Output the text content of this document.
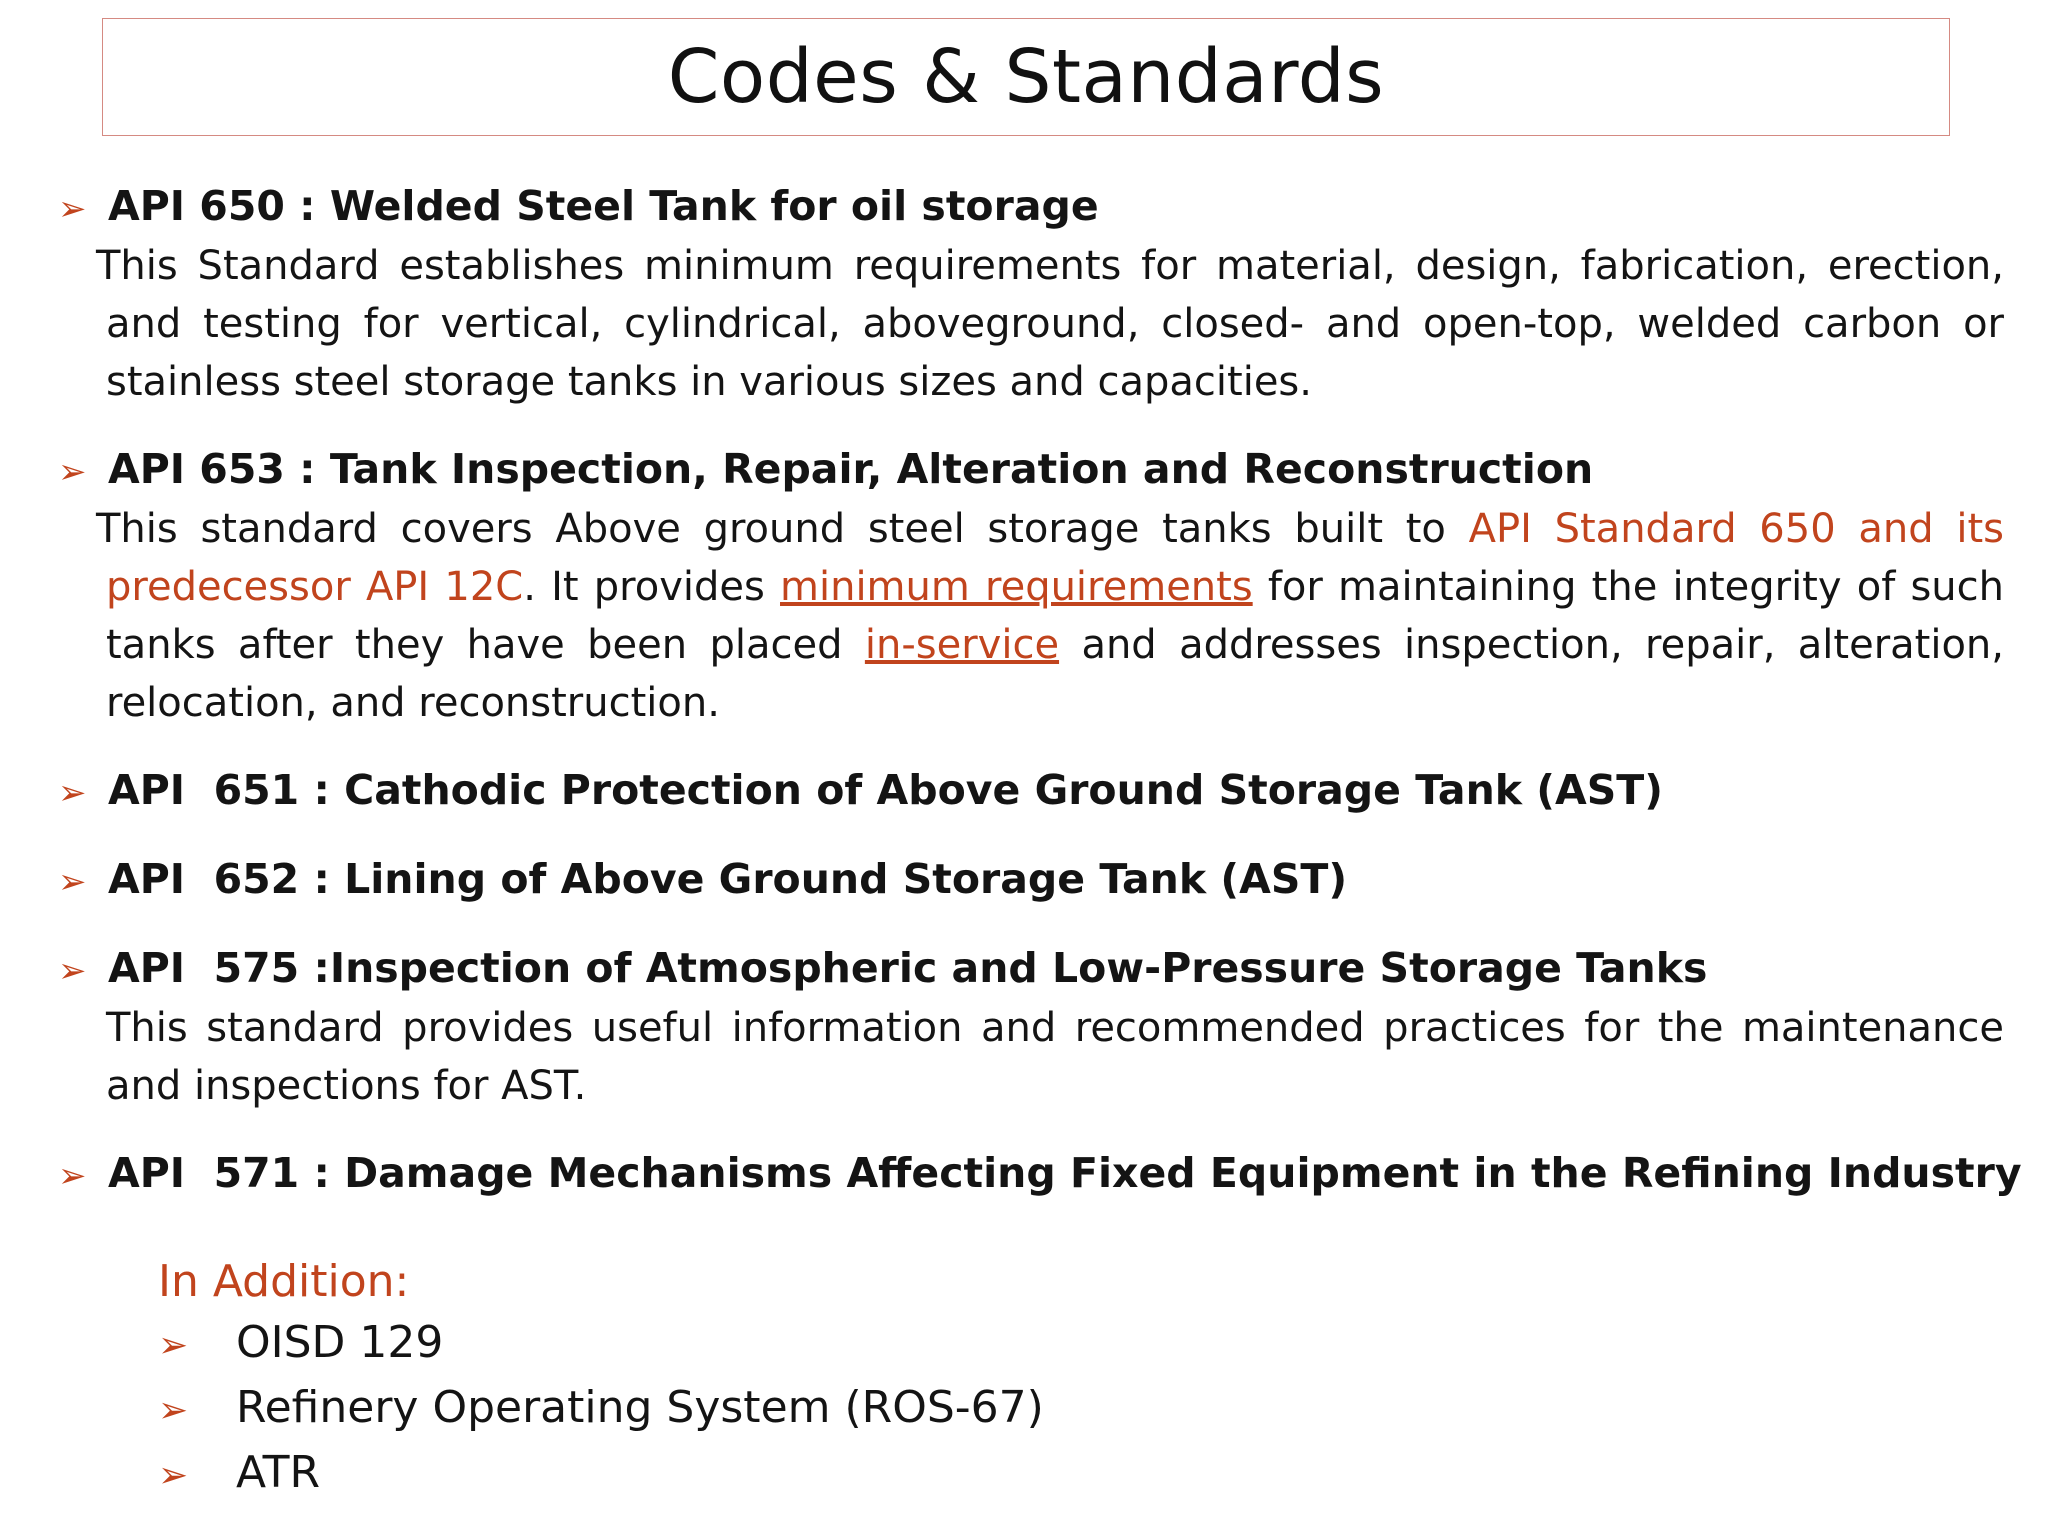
Codes & Standards
➢ API 650 : Welded Steel Tank for oil storage
This Standard establishes minimum requirements for material, design, fabrication, erection, and testing for vertical, cylindrical, aboveground, closed- and open-top, welded carbon or stainless steel storage tanks in various sizes and capacities.
➢ API 653 : Tank Inspection, Repair, Alteration and Reconstruction
This standard covers Above ground steel storage tanks built to API Standard 650 and its predecessor API 12C. It provides minimum requirements for maintaining the integrity of such tanks after they have been placed in-service and addresses inspection, repair, alteration, relocation, and reconstruction.
➢ API  651 : Cathodic Protection of Above Ground Storage Tank (AST)
➢ API  652 : Lining of Above Ground Storage Tank (AST)
➢ API  575 :Inspection of Atmospheric and Low-Pressure Storage Tanks
This standard provides useful information and recommended practices for the maintenance and inspections for AST.
➢ API  571 : Damage Mechanisms Affecting Fixed Equipment in the Refining Industry
In Addition:
➢	OISD 129
➢	Refinery Operating System (ROS-67)
➢	ATR
